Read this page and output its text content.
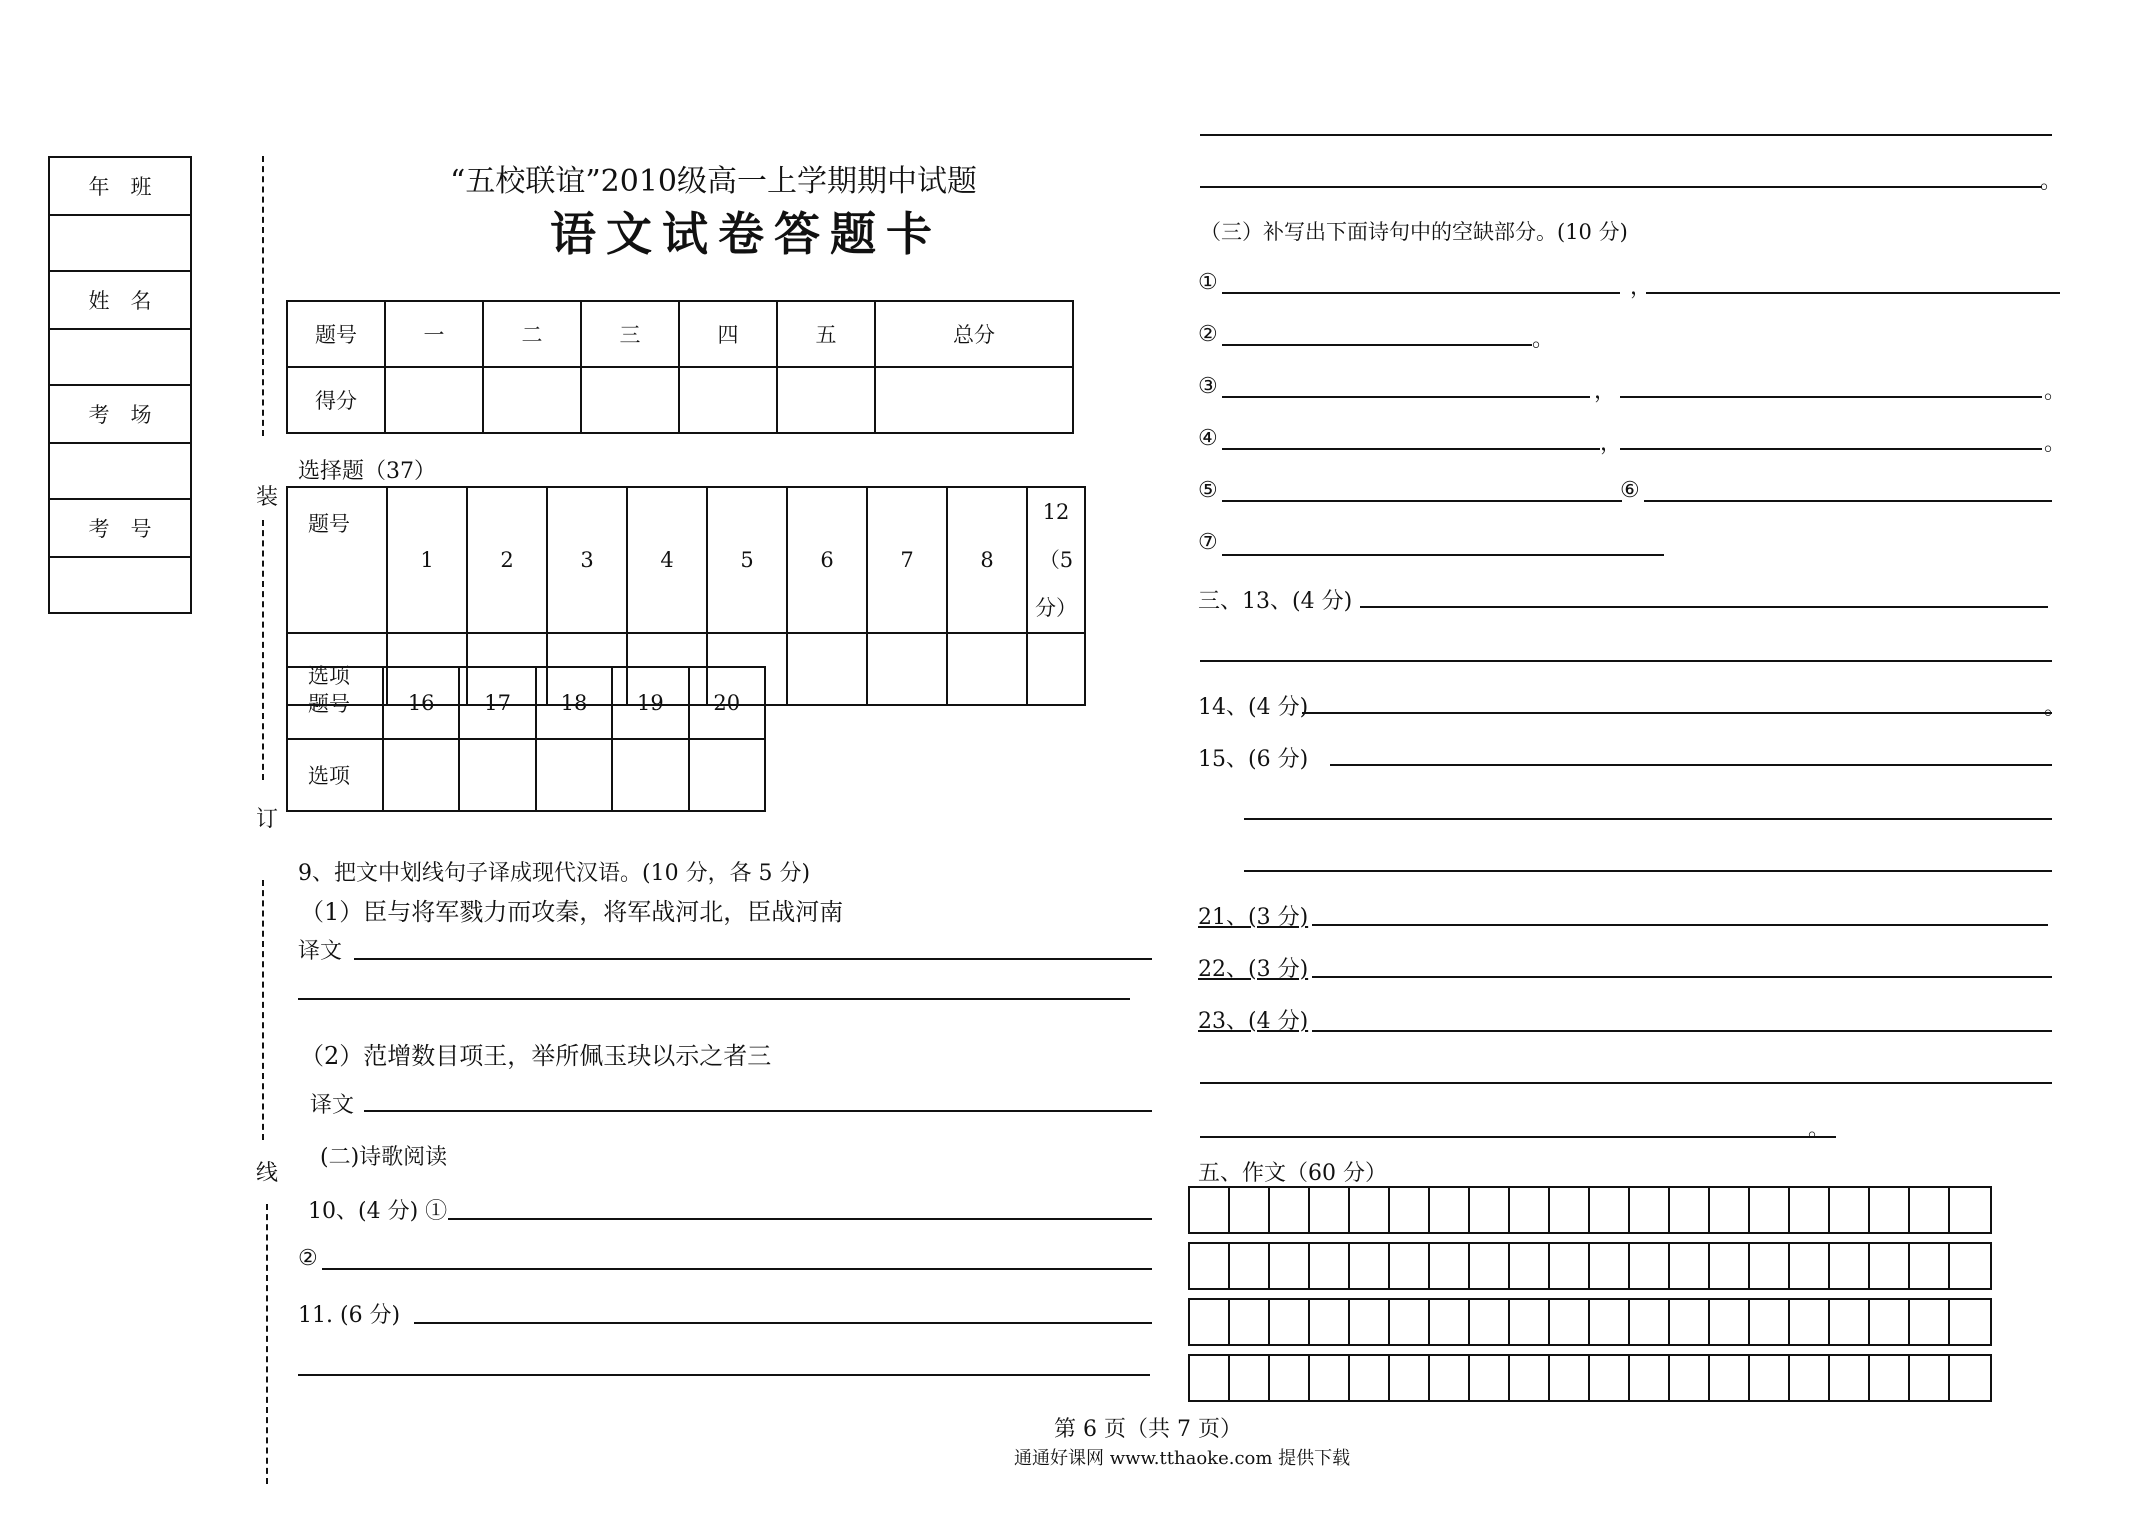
年　班

姓　名

考　场

考　号

装
订
线
“五校联谊”2010级高一上学期期中试题
语文试卷答题卡
题号	一	二	三	四	五	总分
得分						
选择题（37）
题号	1	2	3	4	5	6	7	8	12（5分）
选项									
题号	16	17	18	19	20
选项					
9、把文中划线句子译成现代汉语。(10 分，各 5 分)
（1）臣与将军戮力而攻秦，将军战河北，臣战河南
译文
（2）范增数目项王，举所佩玉玦以示之者三
译文
(二)诗歌阅读
10、(4 分) ①
②
11. (6 分)
。
（三）补写出下面诗句中的空缺部分。(10 分)
①	，
②	。
③	，	。
④	，	。
⑤	⑥
⑦
三、13、(4 分)
14、(4 分)	。
15、(6 分)
21、(3 分)
22、(3 分)
23、(4 分)
。
五、作文（60 分）
第 6 页（共 7 页）
通通好课网 www.tthaoke.com 提供下载
